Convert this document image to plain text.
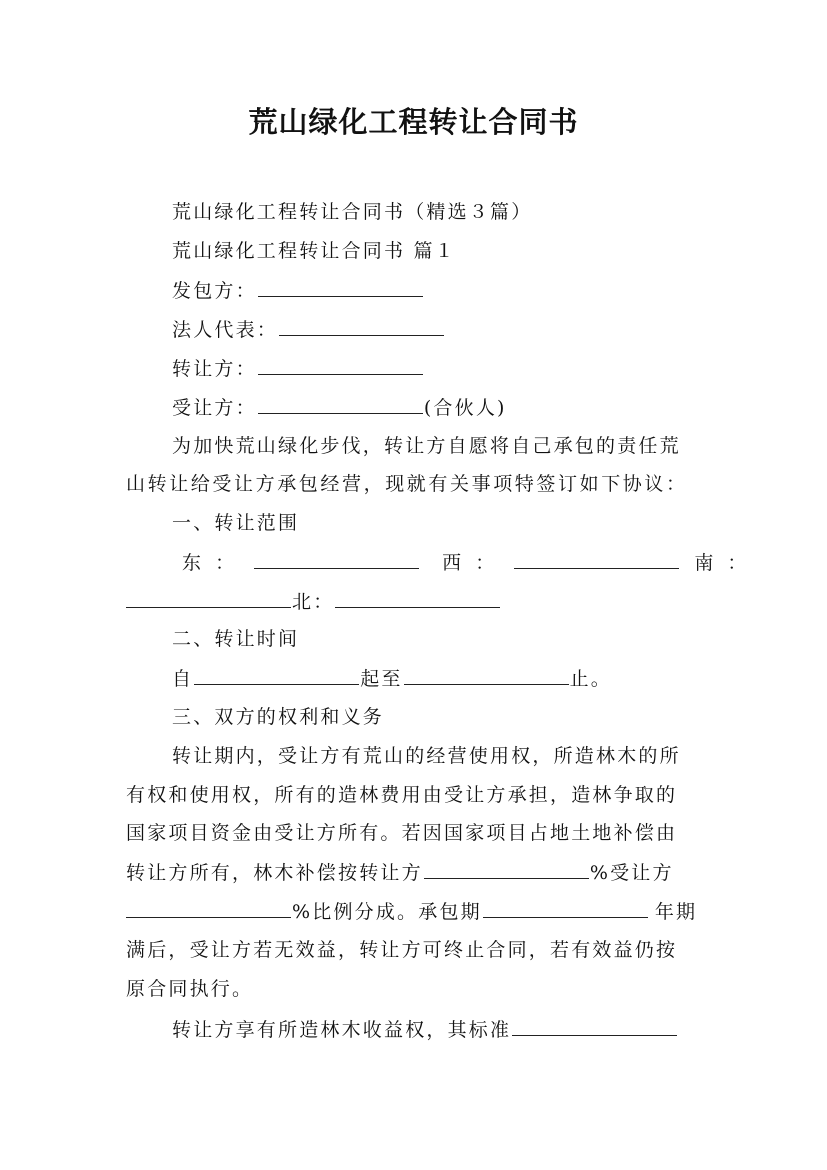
荒山绿化工程转让合同书
荒山绿化工程转让合同书（精选３篇）
荒山绿化工程转让合同书 篇１
发包方：
法人代表：
转让方：
受让方：	(合伙人)
为加快荒山绿化步伐，转让方自愿将自己承包的责任荒
山转让给受让方承包经营，现就有关事项特签订如下协议：
一、转让范围
东 ：	西 ：	南 ：
北：
二、转让时间
自	起至	止。
三、双方的权利和义务
转让期内，受让方有荒山的经营使用权，所造林木的所
有权和使用权，所有的造林费用由受让方承担，造林争取的
国家项目资金由受让方所有。若因国家项目占地土地补偿由
转让方所有，林木补偿按转让方	%受让方
%比例分成。承包期	年期
满后，受让方若无效益，转让方可终止合同，若有效益仍按
原合同执行。
转让方享有所造林木收益权，其标准
